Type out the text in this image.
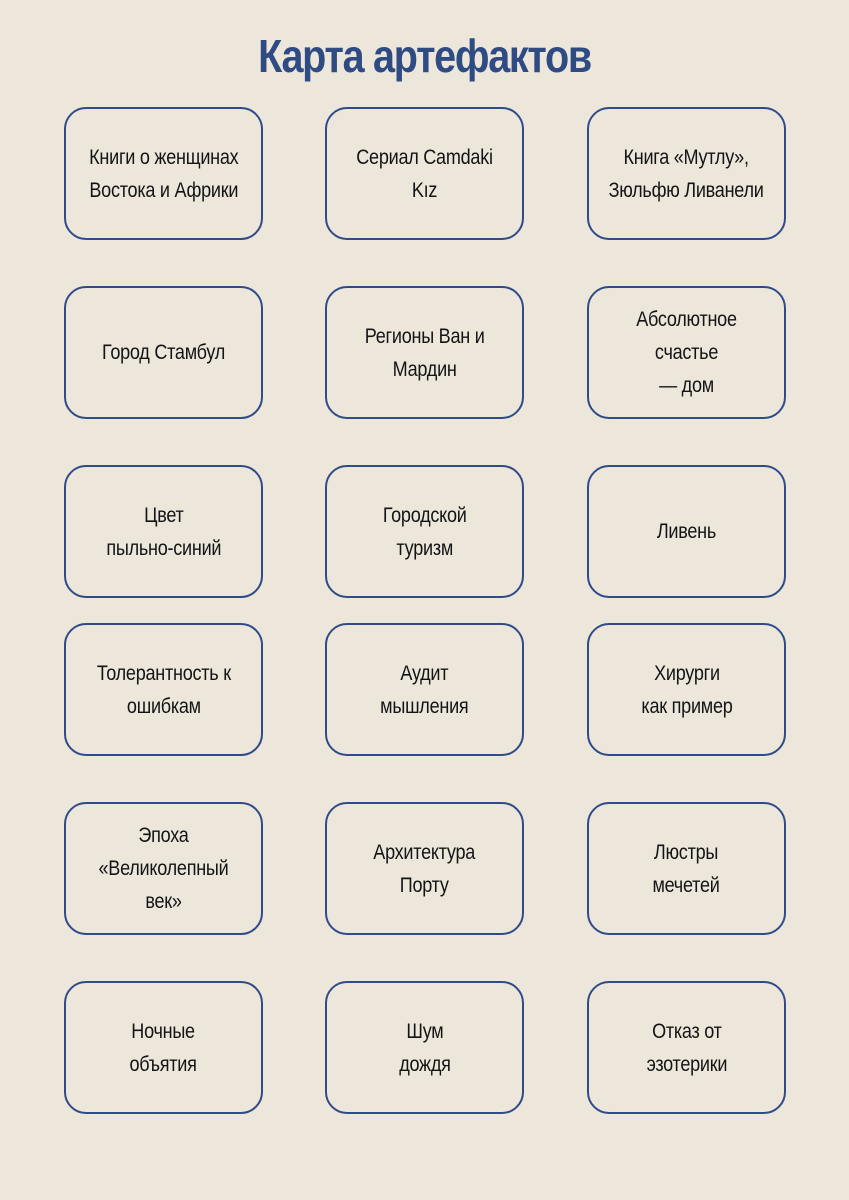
Карта артефактов
Книги о женщинах
Востока и Африки
Сериал Camdaki Kız
Книга «Мутлу»,
Зюльфю Ливанели
Город Стамбул
Регионы Ван и
Мардин
Абсолютное счастье
— дом
Цвет
пыльно-синий
Городской
туризм
Ливень
Толерантность к
ошибкам
Аудит
мышления
Хирурги
как пример
Эпоха
«Великолепный век»
Архитектура
Порту
Люстры
мечетей
Ночные
объятия
Шум
дождя
Отказ от
эзотерики
